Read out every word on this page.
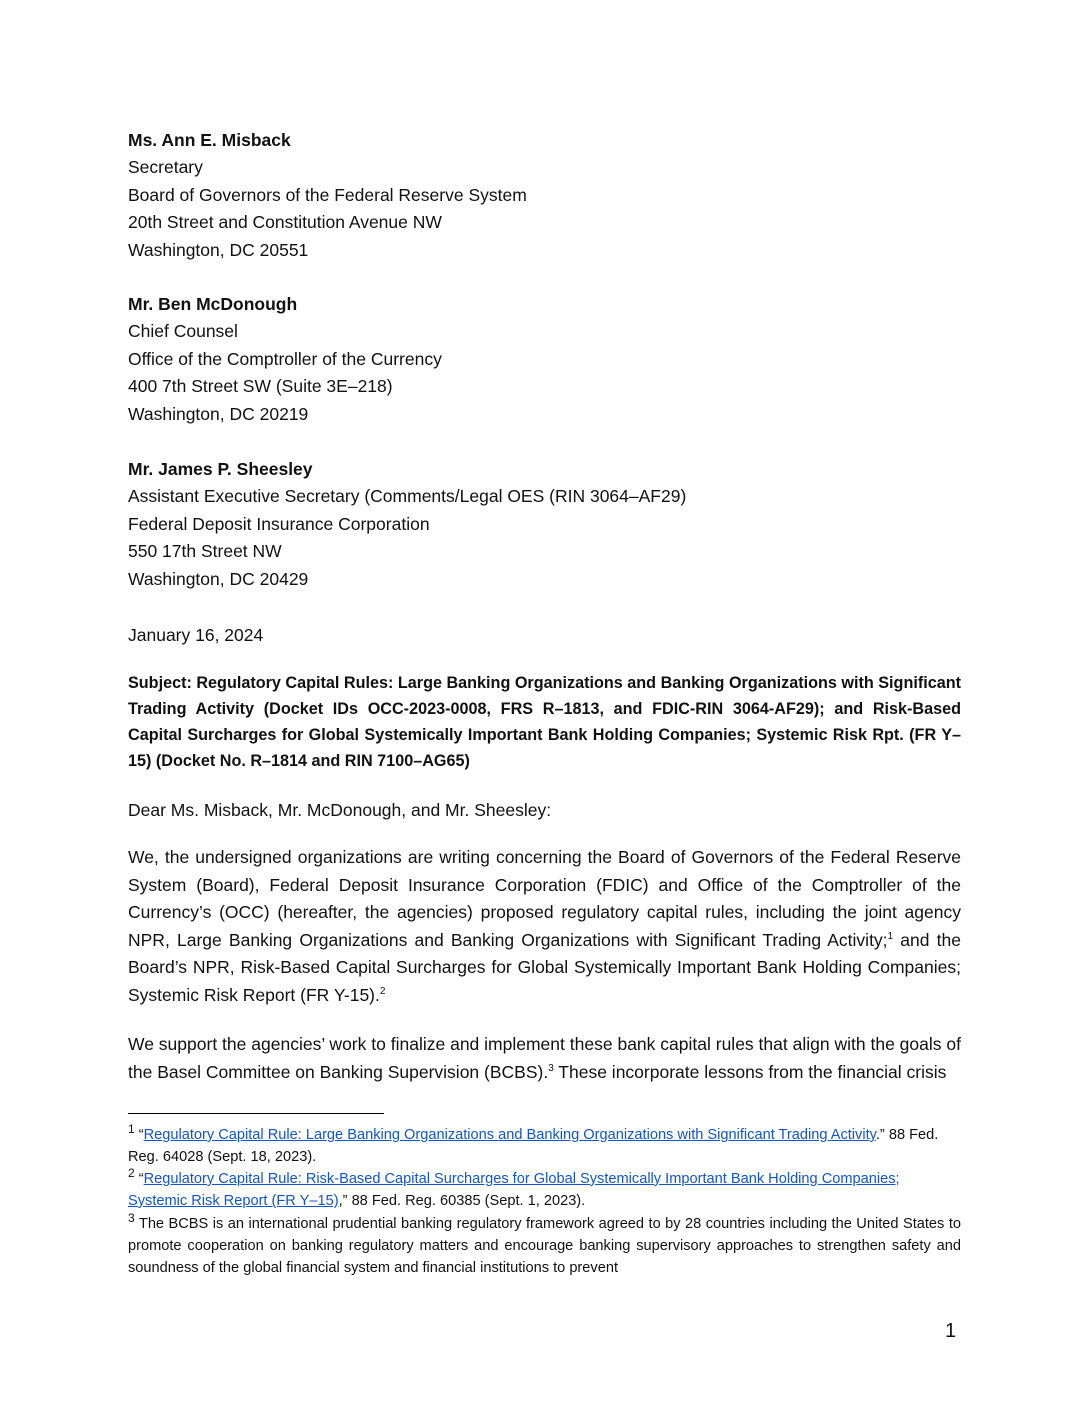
Ms. Ann E. Misback
Secretary
Board of Governors of the Federal Reserve System
20th Street and Constitution Avenue NW
Washington, DC 20551
Mr. Ben McDonough
Chief Counsel
Office of the Comptroller of the Currency
400 7th Street SW (Suite 3E–218)
Washington, DC 20219
Mr. James P. Sheesley
Assistant Executive Secretary (Comments/Legal OES (RIN 3064–AF29)
Federal Deposit Insurance Corporation
550 17th Street NW
Washington, DC 20429
January 16, 2024
Subject: Regulatory Capital Rules: Large Banking Organizations and Banking Organizations with Significant Trading Activity (Docket IDs OCC-2023-0008, FRS R–1813, and FDIC-RIN 3064-AF29); and Risk-Based Capital Surcharges for Global Systemically Important Bank Holding Companies; Systemic Risk Rpt. (FR Y–15) (Docket No. R–1814 and RIN 7100–AG65)
Dear Ms. Misback, Mr. McDonough, and Mr. Sheesley:
We, the undersigned organizations are writing concerning the Board of Governors of the Federal Reserve System (Board), Federal Deposit Insurance Corporation (FDIC) and Office of the Comptroller of the Currency’s (OCC) (hereafter, the agencies) proposed regulatory capital rules, including the joint agency NPR, Large Banking Organizations and Banking Organizations with Significant Trading Activity;$^1$ and the Board’s NPR, Risk-Based Capital Surcharges for Global Systemically Important Bank Holding Companies; Systemic Risk Report (FR Y-15).$^2$
We support the agencies’ work to finalize and implement these bank capital rules that align with the goals of the Basel Committee on Banking Supervision (BCBS).$^3$ These incorporate lessons from the financial crisis
$^1$ “Regulatory Capital Rule: Large Banking Organizations and Banking Organizations with Significant Trading Activity.” 88 Fed. Reg. 64028 (Sept. 18, 2023).
$^2$ “Regulatory Capital Rule: Risk-Based Capital Surcharges for Global Systemically Important Bank Holding Companies; Systemic Risk Report (FR Y–15),” 88 Fed. Reg. 60385 (Sept. 1, 2023).
$^3$ The BCBS is an international prudential banking regulatory framework agreed to by 28 countries including the United States to promote cooperation on banking regulatory matters and encourage banking supervisory approaches to strengthen safety and soundness of the global financial system and financial institutions to prevent
1
